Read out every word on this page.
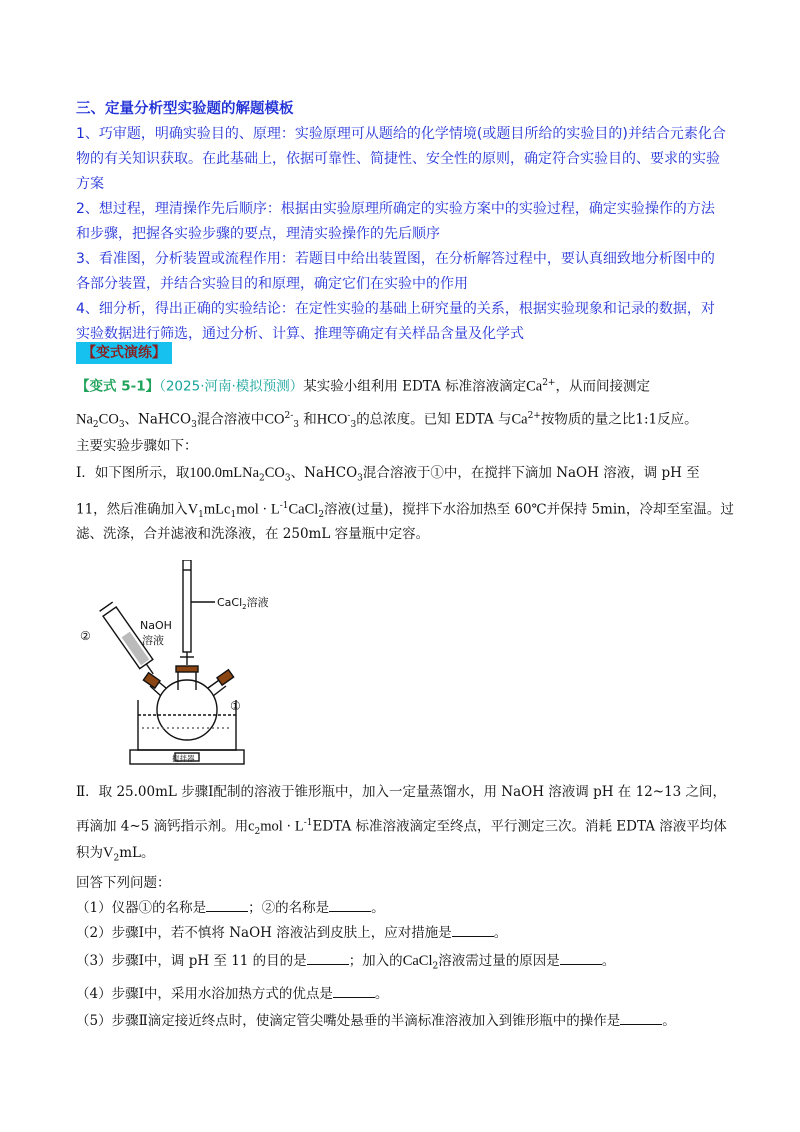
三、定量分析型实验题的解题模板
1、巧审题，明确实验目的、原理：实验原理可从题给的化学情境(或题目所给的实验目的)并结合元素化合
物的有关知识获取。在此基础上，依据可靠性、简捷性、安全性的原则，确定符合实验目的、要求的实验
方案
2、想过程，理清操作先后顺序：根据由实验原理所确定的实验方案中的实验过程，确定实验操作的方法
和步骤，把握各实验步骤的要点，理清实验操作的先后顺序
3、看准图，分析装置或流程作用：若题目中给出装置图，在分析解答过程中，要认真细致地分析图中的
各部分装置，并结合实验目的和原理，确定它们在实验中的作用
4、细分析，得出正确的实验结论：在定性实验的基础上研究量的关系，根据实验现象和记录的数据，对
实验数据进行筛选，通过分析、计算、推理等确定有关样品含量及化学式
【变式演练】
【变式 5-1】（2025·河南·模拟预测）某实验小组利用 EDTA 标准溶液滴定$Ca^{2+}$，从而间接测定
$Na_2CO_3$、NaHCO$_3$混合溶液中$CO^{2-}_3$ 和$HCO^-_3$的总浓度。已知 EDTA 与$Ca^{2+}$按物质的量之比1:1反应。
主要实验步骤如下：
Ⅰ．如下图所示，取$100.0mLNa_2CO_3$、NaHCO$_3$混合溶液于①中，在搅拌下滴加 NaOH 溶液，调 pH 至
11，然后准确加入$V_1mLc_1mol$ · $L^{-1}CaCl_2$溶液(过量)，搅拌下水浴加热至 60℃并保持 5min，冷却至室温。过
滤、洗涤，合并滤液和洗涤液，在 250mL 容量瓶中定容。
CaCl$_2$溶液
NaOH
溶液
②
①
搅拌器
Ⅱ．取 25.00mL 步骤Ⅰ配制的溶液于锥形瓶中，加入一定量蒸馏水，用 NaOH 溶液调 pH 在 12~13 之间，
再滴加 4~5 滴钙指示剂。用$c_2mol$ · $L^{-1}EDTA$ 标准溶液滴定至终点，平行测定三次。消耗 EDTA 溶液平均体
积为$V_2mL$。
回答下列问题：
（1）仪器①的名称是	；②的名称是	。
（2）步骤Ⅰ中，若不慎将 NaOH 溶液沾到皮肤上，应对措施是	。
（3）步骤Ⅰ中，调 pH 至 11 的目的是	；加入的CaCl$_2$溶液需过量的原因是	。
（4）步骤Ⅰ中，采用水浴加热方式的优点是	。
（5）步骤Ⅱ滴定接近终点时，使滴定管尖嘴处悬垂的半滴标准溶液加入到锥形瓶中的操作是	。
